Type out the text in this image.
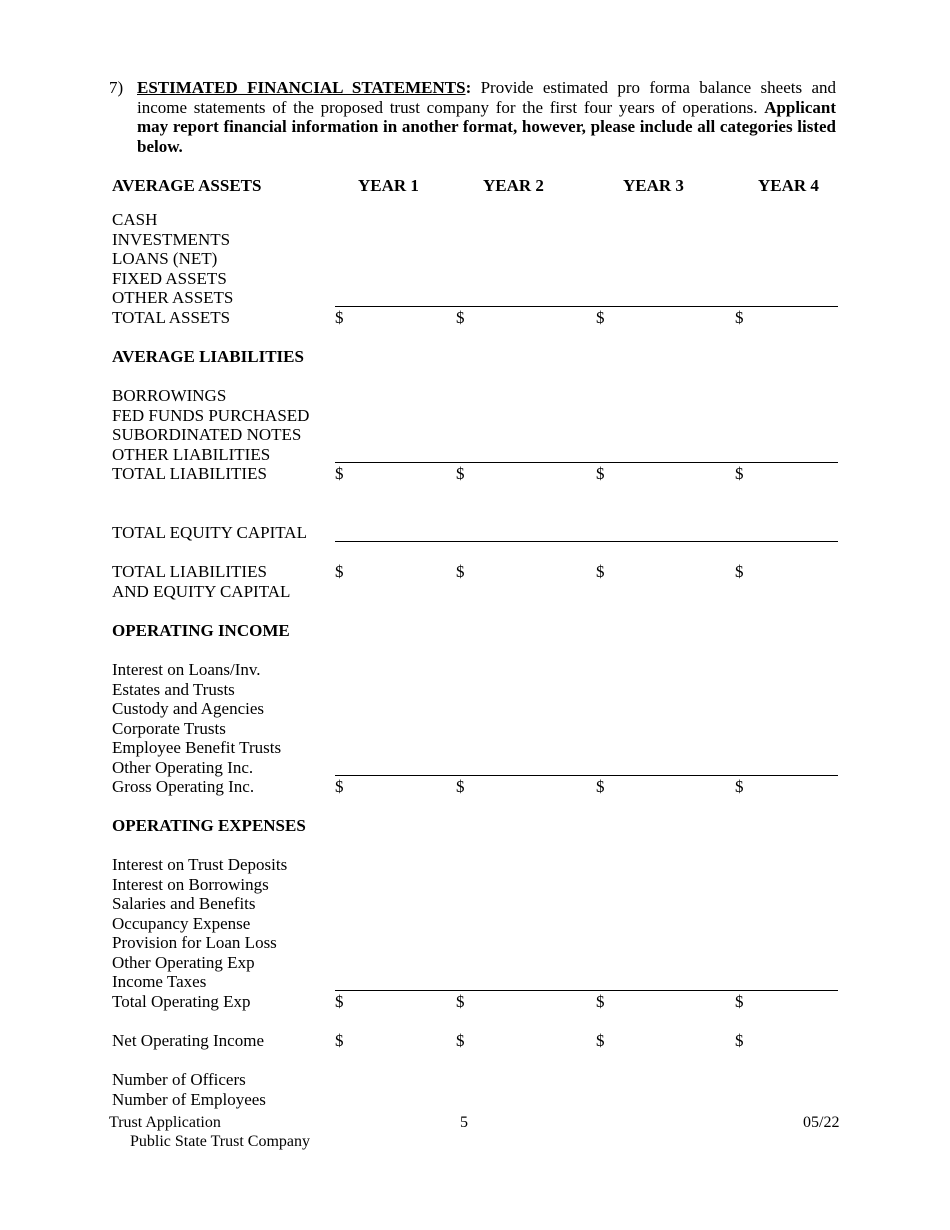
7) ESTIMATED FINANCIAL STATEMENTS: Provide estimated pro forma balance sheets and income statements of the proposed trust company for the first four years of operations. Applicant may report financial information in another format, however, please include all categories listed below.
AVERAGE ASSETS	YEAR 1	YEAR 2	YEAR 3	YEAR 4
CASH
INVESTMENTS
LOANS (NET)
FIXED ASSETS
OTHER ASSETS
TOTAL ASSETS	$	$	$	$
AVERAGE LIABILITIES
BORROWINGS
FED FUNDS PURCHASED
SUBORDINATED NOTES
OTHER LIABILITIES
TOTAL LIABILITIES	$	$	$	$
TOTAL EQUITY CAPITAL
TOTAL LIABILITIES
AND EQUITY CAPITAL
$	$	$	$
OPERATING INCOME
Interest on Loans/Inv.
Estates and Trusts
Custody and Agencies
Corporate Trusts
Employee Benefit Trusts
Other Operating Inc.
Gross Operating Inc.	$	$	$	$
OPERATING EXPENSES
Interest on Trust Deposits
Interest on Borrowings
Salaries and Benefits
Occupancy Expense
Provision for Loan Loss
Other Operating Exp
Income Taxes
Total Operating Exp	$	$	$	$
Net Operating Income	$	$	$	$
Number of Officers
Number of Employees
Trust Application
Public State Trust Company
5	05/22
